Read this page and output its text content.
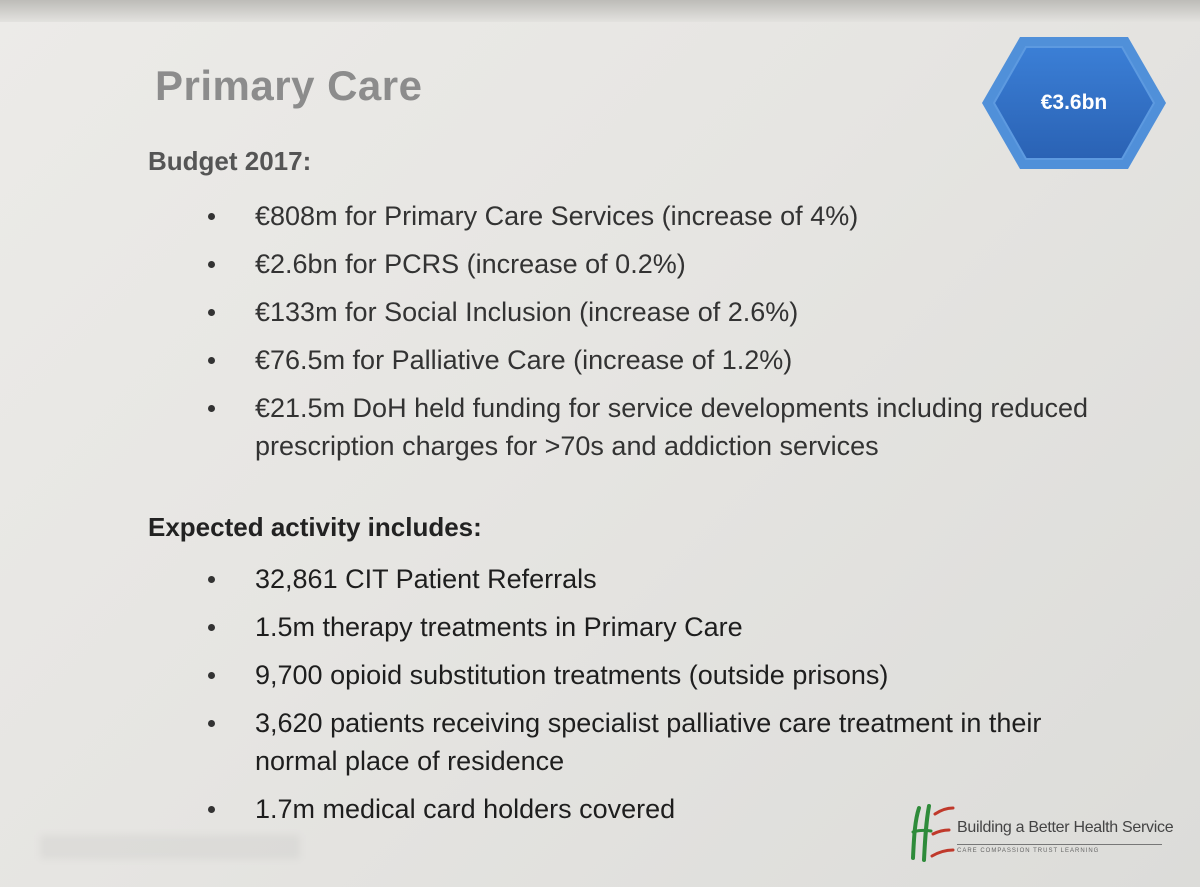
Primary Care	€3.6bn
Budget 2017:
€808m for Primary Care Services (increase of 4%)
€2.6bn for PCRS (increase of 0.2%)
€133m for Social Inclusion (increase of 2.6%)
€76.5m for Palliative Care (increase of 1.2%)
€21.5m DoH held funding for service developments including reduced prescription charges for >70s and addiction services
Expected activity includes:
32,861 CIT Patient Referrals
1.5m therapy treatments in Primary Care
9,700 opioid substitution treatments (outside prisons)
3,620 patients receiving specialist palliative care treatment in their normal place of residence
1.7m medical card holders covered
Building a Better Health Service
CARE COMPASSION TRUST LEARNING
